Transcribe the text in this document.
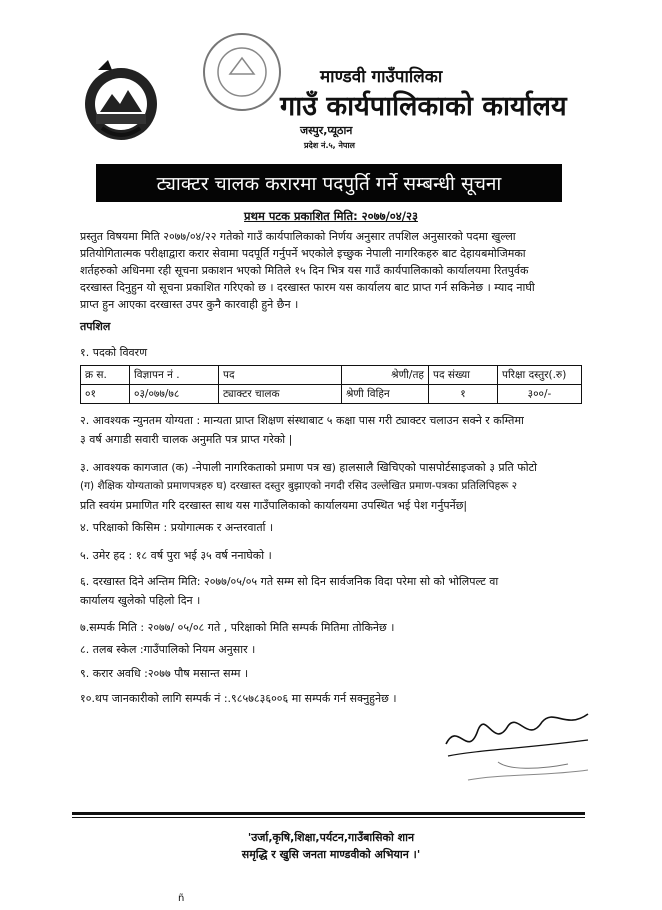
माण्डवी गाउँपालिका
गाउँ कार्यपालिकाको कार्यालय
जस्पुर,प्यूठान
प्रदेश नं.५, नेपाल
ट्याक्टर चालक करारमा पदपुर्ति गर्ने सम्बन्धी सूचना
प्रथम पटक प्रकाशित मिति: २०७७/०४/२३
प्रस्तुत विषयमा मिति २०७७/०४/२२ गतेको गाउँ कार्यपालिकाको निर्णय अनुसार तपशिल अनुसारको पदमा खुल्ला
प्रतियोगितात्मक परीक्षाद्वारा करार सेवामा पदपूर्ति गर्नुपर्ने भएकोले इच्छुक नेपाली नागरिकहरु बाट देहायबमोजिमका
शर्तहरुको अधिनमा रही सूचना प्रकाशन भएको मितिले १५ दिन भित्र यस गाउँ कार्यपालिकाको कार्यालयमा रितपुर्वक
दरखास्त दिनुहुन यो सूचना प्रकाशित गरिएको छ । दरखास्त फारम यस कार्यालय बाट प्राप्त गर्न सकिनेछ । म्याद नाघी
प्राप्त हुन आएका दरखास्त उपर कुनै कारवाही हुने छैन ।
तपशिल
१. पदको विवरण
क्र स.	विज्ञापन नं .	पद	श्रेणी/तह	पद संख्या	परिक्षा दस्तुर(.रु)
०१	०३/०७७/७८	ट्याक्टर चालक	श्रेणी विहिन	१	३००/-
२. आवश्यक न्युनतम योग्यता : मान्यता प्राप्त शिक्षण संस्थाबाट ५ कक्षा पास गरी ट्याक्टर चलाउन सक्ने र कम्तिमा
३ वर्ष अगाडी सवारी चालक अनुमति पत्र प्राप्त गरेको |
३. आवश्यक कागजात (क) -नेपाली नागरिकताको प्रमाण पत्र ख) हालसालै खिचिएको पासपोर्टसाइजको ३ प्रति फोटो
(ग) शैक्षिक योग्यताको प्रमाणपत्रहरु घ) दरखास्त दस्तुर बुझाएको नगदी रसिद उल्लेखित प्रमाण-पत्रका प्रतिलिपिहरू २
प्रति स्वयंम प्रमाणित गरि दरखास्त साथ यस गाउँपालिकाको कार्यालयमा उपस्थित भई पेश गर्नुपर्नेछ|
४. परिक्षाको किसिम : प्रयोगात्मक र अन्तरवार्ता ।
५. उमेर हद : १८ वर्ष पुरा भई ३५ वर्ष ननाघेको ।
६. दरखास्त दिने अन्तिम मिति: २०७७/०५/०५ गते सम्म सो दिन सार्वजनिक विदा परेमा सो को भोलिपल्ट वा
कार्यालय खुलेको पहिलो दिन ।
७.सम्पर्क मिति : २०७७/ ०५/०८ गते , परिक्षाको मिति सम्पर्क मितिमा तोकिनेछ ।
८. तलब स्केल :गाउँपालिको नियम अनुसार ।
९. करार अवधि :२०७७ पौष मसान्त सम्म ।
१०.थप जानकारीको लागि सम्पर्क नं :.९८५७८३६००६ मा सम्पर्क गर्न सक्नुहुनेछ ।
'उर्जा,कृषि,शिक्षा,पर्यटन,गाउँबासिको शान
समृद्धि र खुसि जनता माण्डवीको अभियान ।'
ñ
